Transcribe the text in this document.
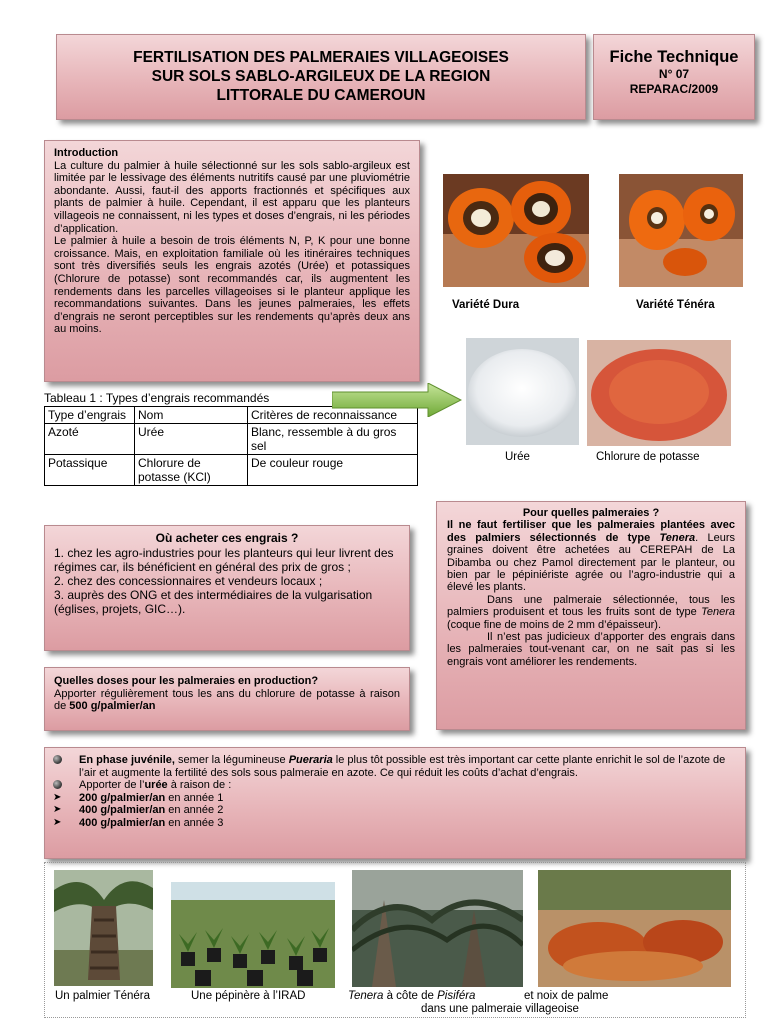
FERTILISATION DES PALMERAIES VILLAGEOISES
SUR SOLS SABLO-ARGILEUX DE LA REGION
LITTORALE DU CAMEROUN
Fiche Technique
N° 07
REPARAC/2009
Introduction
La culture du palmier à huile sélectionné sur les sols sablo-argileux est limitée par le lessivage des éléments nutritifs causé par une pluviométrie abondante. Aussi, faut-il des apports fractionnés et spécifiques aux plants de palmier à huile. Cependant, il est apparu que les planteurs villageois ne connaissent, ni les types et doses d’engrais, ni les périodes d’application.
Le palmier à huile a besoin de trois éléments N, P, K pour une bonne croissance. Mais, en exploitation familiale où les itinéraires techniques sont très diversifiés seuls les engrais azotés (Urée) et potassiques (Chlorure de potasse) sont recommandés car, ils augmentent les rendements dans les parcelles villageoises si le planteur applique les recommandations suivantes. Dans les jeunes palmeraies, les effets d’engrais ne seront perceptibles sur les rendements qu’après deux ans au moins.
Tableau 1 : Types d’engrais recommandés
Type d’engrais	Nom	Critères de reconnaissance
Azoté	Urée	Blanc, ressemble à du gros sel
Potassique	Chlorure de potasse (KCl)	De couleur rouge
Variété Dura	Variété Ténéra
Urée	Chlorure de potasse
Où acheter ces engrais ?
1. chez les agro-industries pour les planteurs qui leur livrent des régimes car, ils bénéficient en général des prix de gros ;
2. chez des concessionnaires et vendeurs locaux ;
3. auprès des ONG et des intermédiaires de la vulgarisation (églises, projets, GIC…).
Quelles doses pour les palmeraies en production?
Apporter régulièrement tous les ans du chlorure de potasse à raison de 500 g/palmier/an
Pour quelles palmeraies ?
Il ne faut fertiliser que les palmeraies plantées avec des palmiers sélectionnés de type Tenera. Leurs graines doivent être achetées au CEREPAH de La Dibamba ou chez Pamol directement par le planteur, ou bien par le pépiniériste agrée ou l’agro-industrie qui a élevé les plants.
Dans une palmeraie sélectionnée, tous les palmiers produisent et tous les fruits sont de type Tenera (coque fine de moins de 2 mm d’épaisseur).
Il n’est pas judicieux d’apporter des engrais dans les palmeraies tout-venant car, on ne sait pas si les engrais vont améliorer les rendements.
En phase juvénile, semer la légumineuse Pueraria le plus tôt possible est très important car cette plante enrichit le sol de l’azote de l’air et augmente la fertilité des sols sous palmeraie en azote. Ce qui réduit les coûts d’achat d’engrais.
Apporter de l’urée à raison de :
➤ 200 g/palmier/an en année 1
➤ 400 g/palmier/an en année 2
➤ 400 g/palmier/an en année 3
Un palmier Ténéra	Une pépinère à l’IRAD	Tenera à côte de Pisiféra	et noix de palme
dans une palmeraie villageoise
